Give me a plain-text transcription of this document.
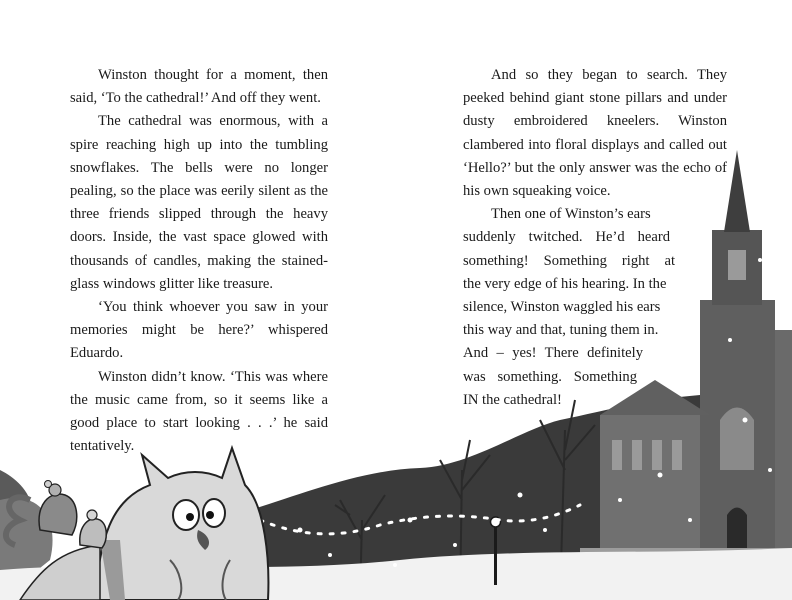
Winston thought for a moment, then said, ‘To the cathedral!’ And off they went.

The cathedral was enormous, with a spire reaching high up into the tumbling snowflakes. The bells were no longer pealing, so the place was eerily silent as the three friends slipped through the heavy doors. Inside, the vast space glowed with thousands of candles, making the stained-glass windows glitter like treasure.

‘You think whoever you saw in your memories might be here?’ whispered Eduardo.

Winston didn’t know. ‘This was where the music came from, so it seems like a good place to start looking . . .’ he said tentatively.

And so they began to search. They peeked behind giant stone pillars and under dusty embroidered kneelers. Winston clambered into floral displays and called out ‘Hello?’ but the only answer was the echo of his own squeaking voice.

Then one of Winston’s ears
suddenly twitched. He’d heard
something! Something right at
the very edge of his hearing. In the
silence, Winston waggled his ears
this way and that, tuning them in.
And – yes! There definitely
was something. Something
IN the cathedral!
